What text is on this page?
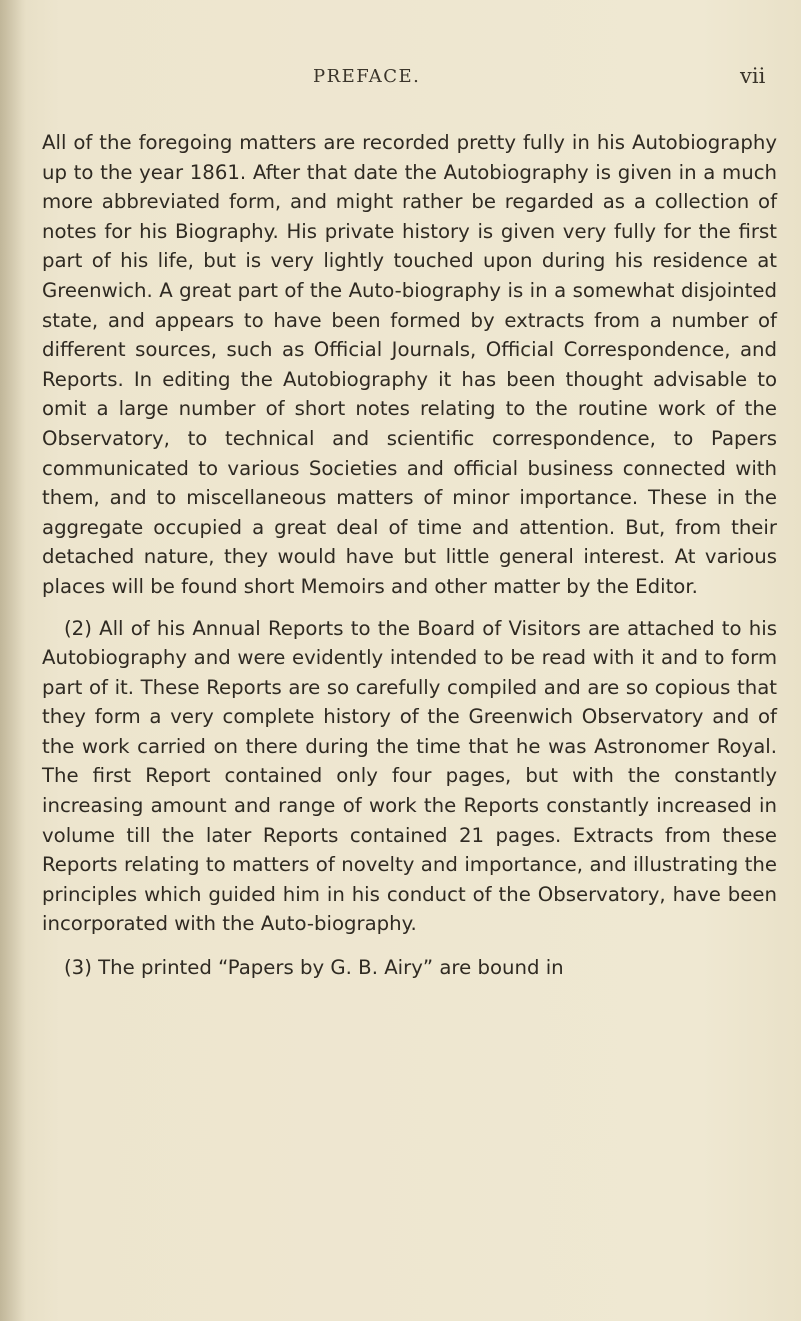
PREFACE.	vii

All of the foregoing matters are recorded pretty fully in his Autobiography up to the year 1861. After that date the Autobiography is given in a much more abbreviated form, and might rather be regarded as a collection of notes for his Biography. His private history is given very fully for the first part of his life, but is very lightly touched upon during his residence at Greenwich. A great part of the Auto-biography is in a somewhat disjointed state, and appears to have been formed by extracts from a number of different sources, such as Official Journals, Official Correspondence, and Reports. In editing the Autobiography it has been thought advisable to omit a large number of short notes relating to the routine work of the Observatory, to technical and scientific correspondence, to Papers communicated to various Societies and official business connected with them, and to miscellaneous matters of minor importance. These in the aggregate occupied a great deal of time and attention. But, from their detached nature, they would have but little general interest. At various places will be found short Memoirs and other matter by the Editor.

(2) All of his Annual Reports to the Board of Visitors are attached to his Autobiography and were evidently intended to be read with it and to form part of it. These Reports are so carefully compiled and are so copious that they form a very complete history of the Greenwich Observatory and of the work carried on there during the time that he was Astronomer Royal. The first Report contained only four pages, but with the constantly increasing amount and range of work the Reports constantly increased in volume till the later Reports contained 21 pages. Extracts from these Reports relating to matters of novelty and importance, and illustrating the principles which guided him in his conduct of the Observatory, have been incorporated with the Auto-biography.

(3) The printed “Papers by G. B. Airy” are bound in
